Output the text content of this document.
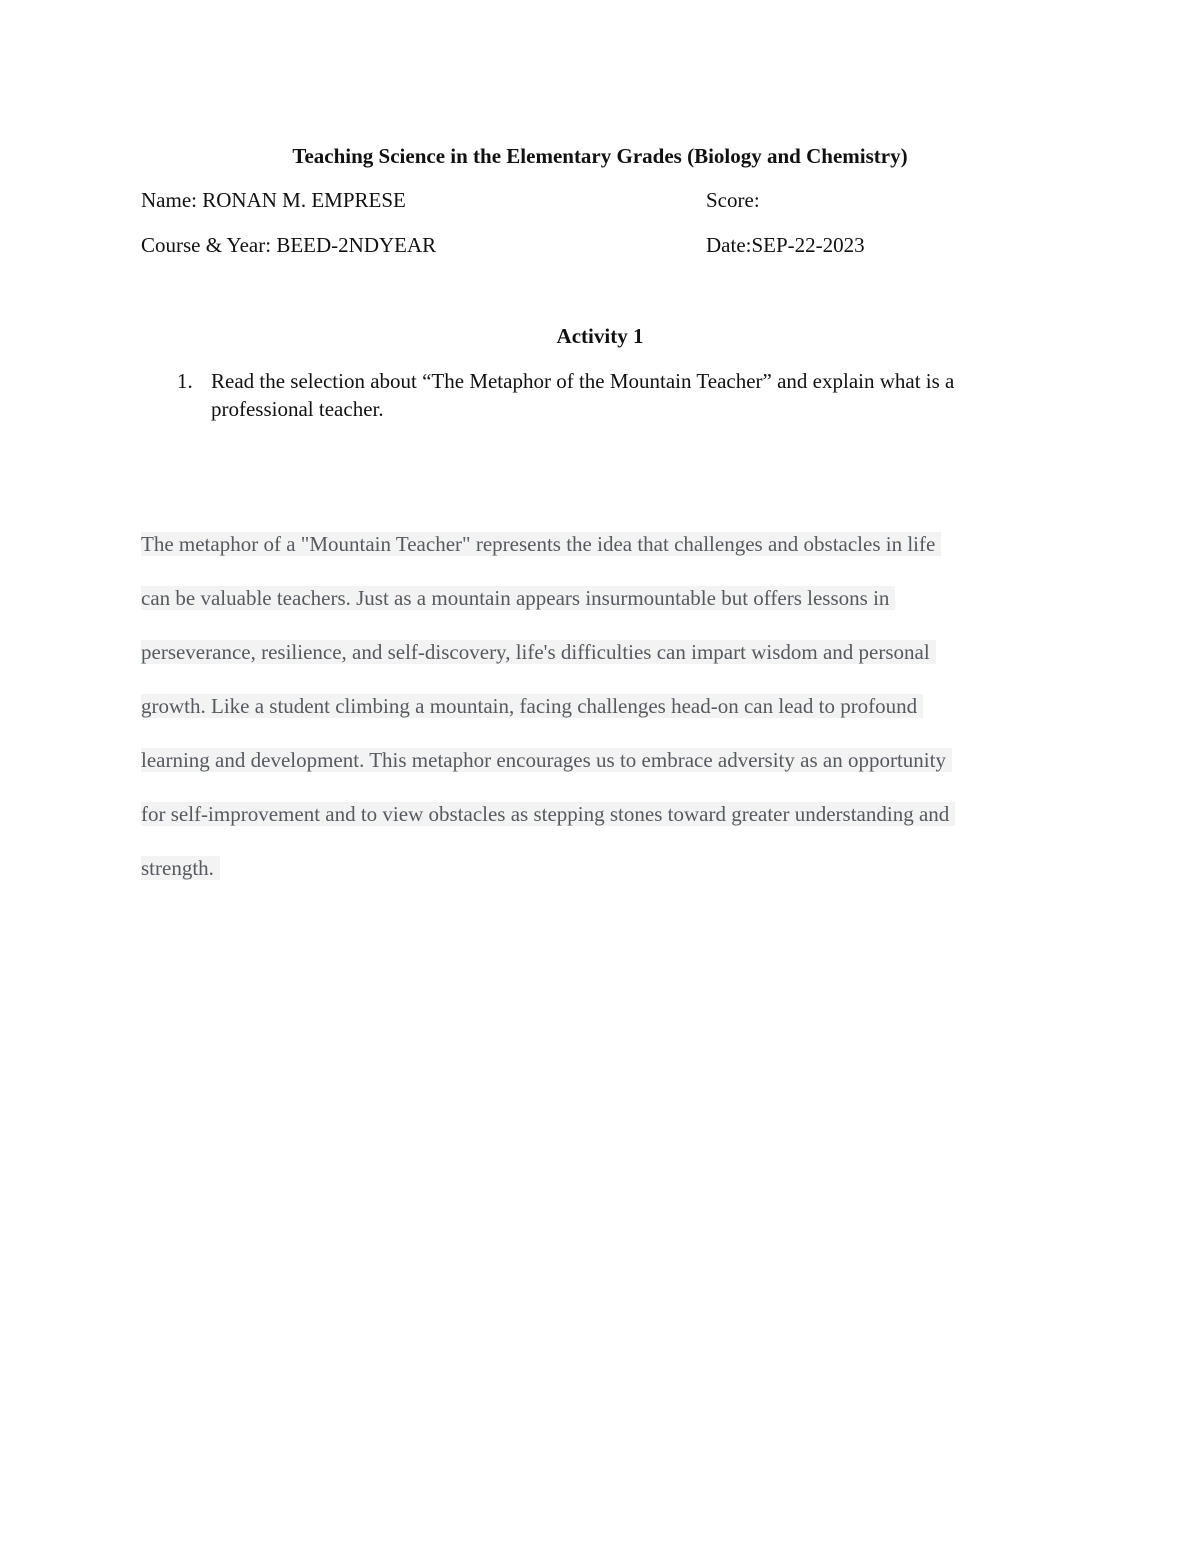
Teaching Science in the Elementary Grades (Biology and Chemistry)
Name: RONAN M. EMPRESE	Score:
Course & Year: BEED-2NDYEAR	Date:SEP-22-2023
Activity 1
1. Read the selection about “The Metaphor of the Mountain Teacher” and explain what is a professional teacher.
The metaphor of a "Mountain Teacher" represents the idea that challenges and obstacles in life
can be valuable teachers. Just as a mountain appears insurmountable but offers lessons in
perseverance, resilience, and self-discovery, life's difficulties can impart wisdom and personal
growth. Like a student climbing a mountain, facing challenges head-on can lead to profound
learning and development. This metaphor encourages us to embrace adversity as an opportunity
for self-improvement and to view obstacles as stepping stones toward greater understanding and
strength.
